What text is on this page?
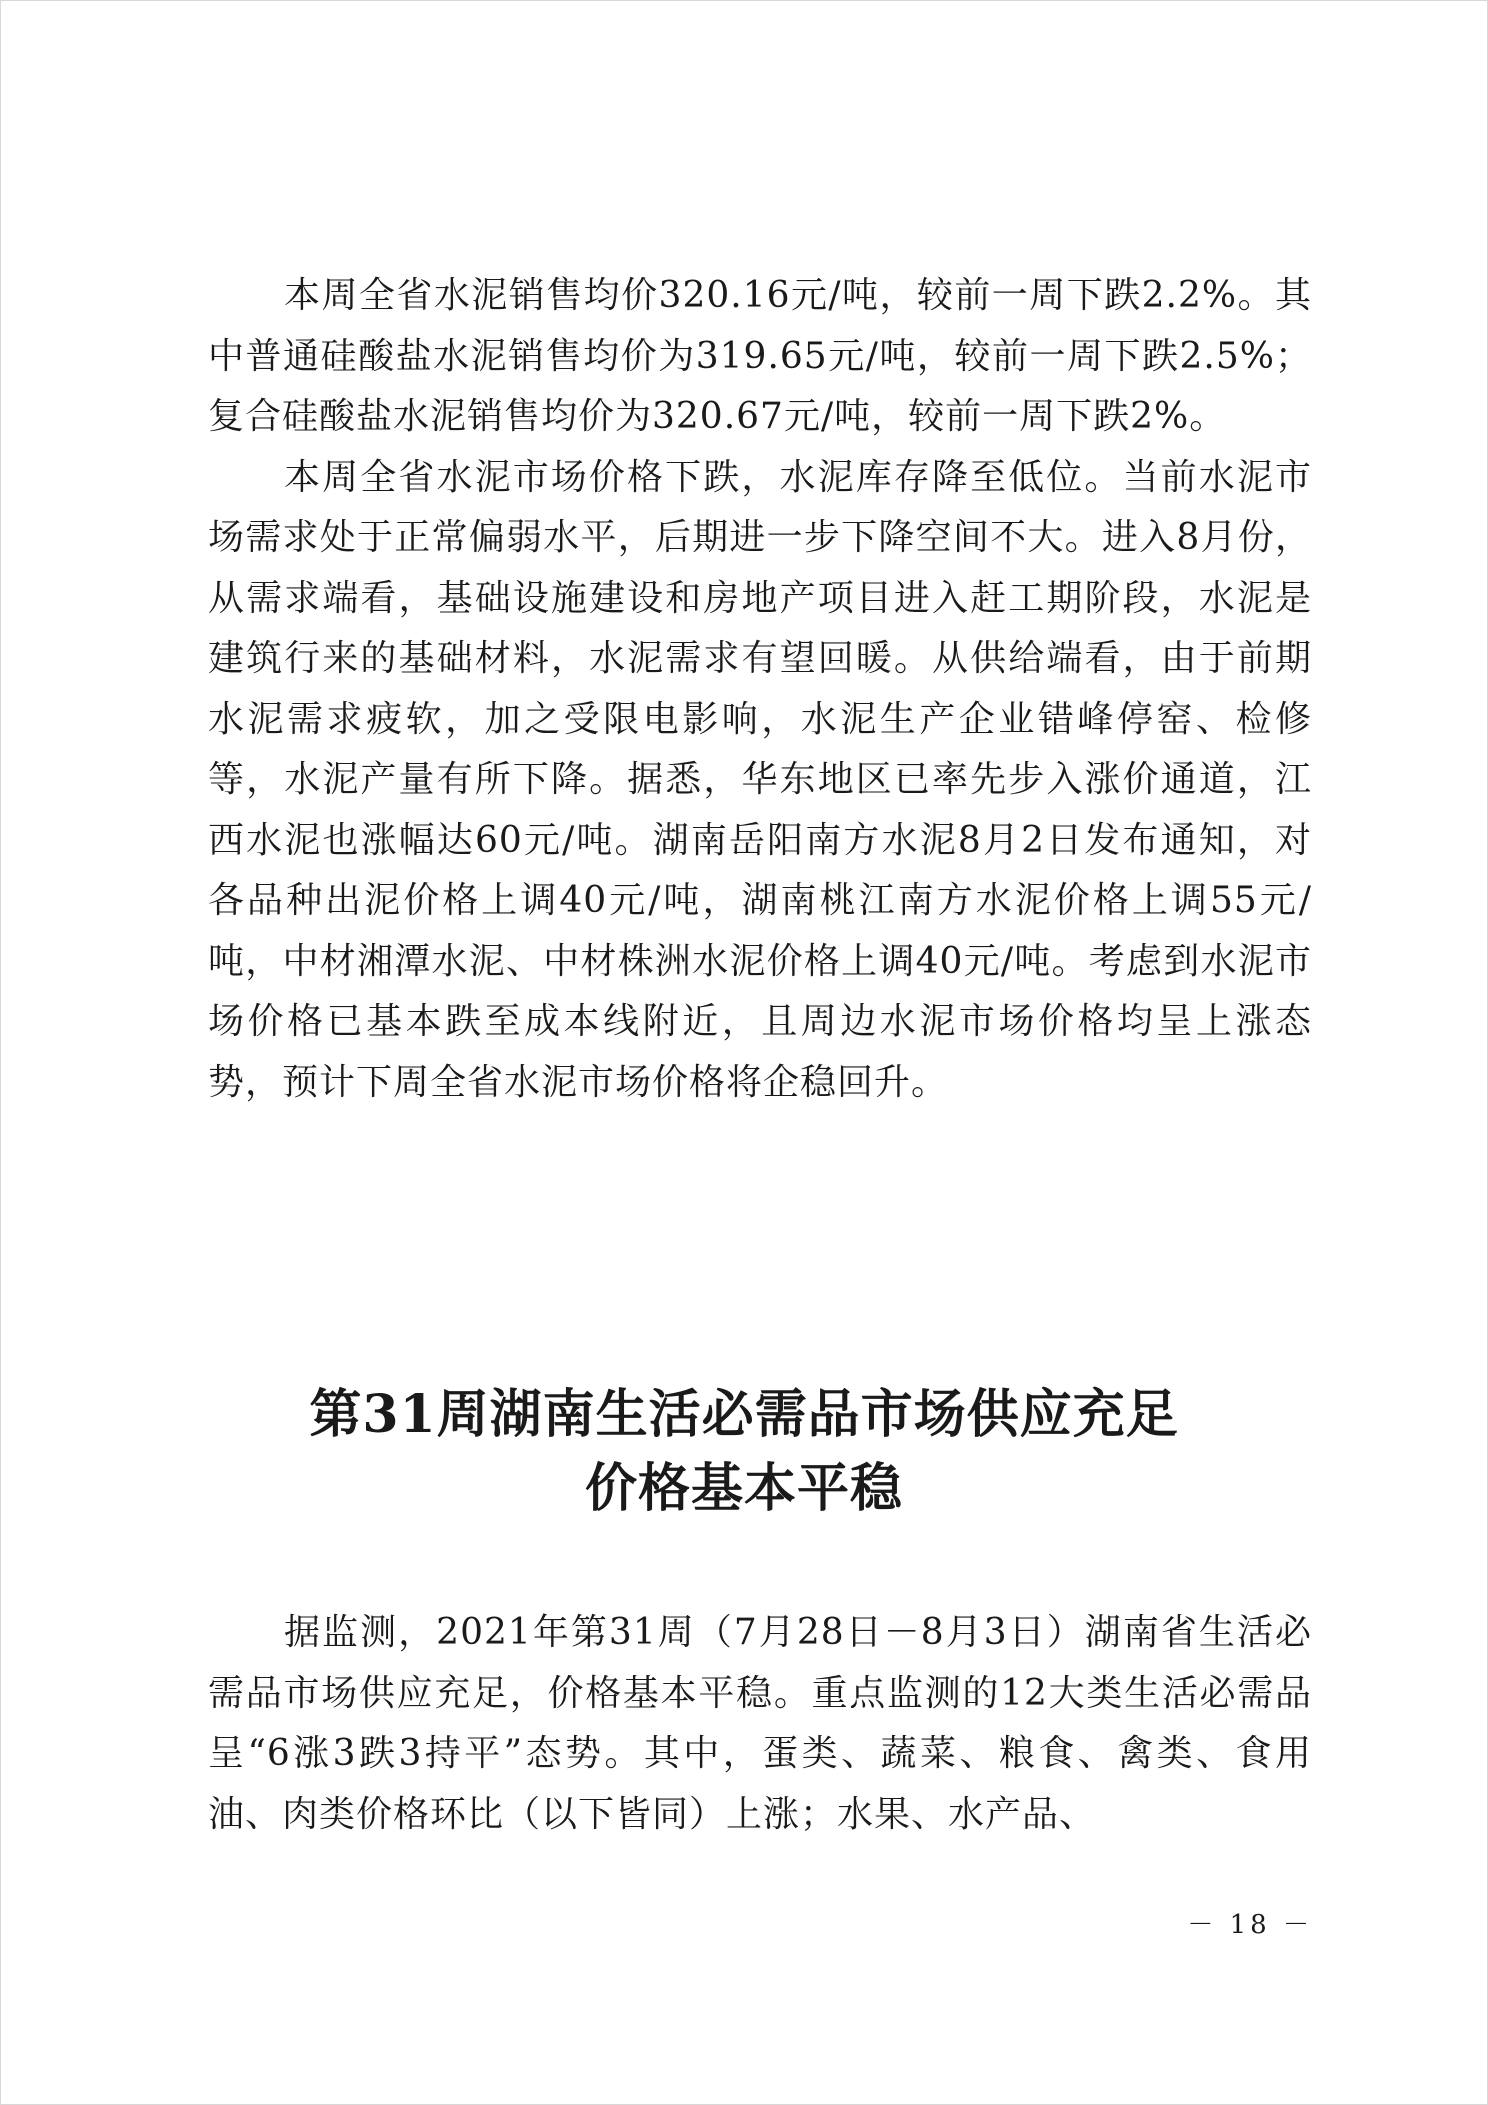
本周全省水泥销售均价320.16元/吨，较前一周下跌2.2%。其中普通硅酸盐水泥销售均价为319.65元/吨，较前一周下跌2.5%；复合硅酸盐水泥销售均价为320.67元/吨，较前一周下跌2%。

本周全省水泥市场价格下跌，水泥库存降至低位。当前水泥市场需求处于正常偏弱水平，后期进一步下降空间不大。进入8月份，从需求端看，基础设施建设和房地产项目进入赶工期阶段，水泥是建筑行来的基础材料，水泥需求有望回暖。从供给端看，由于前期水泥需求疲软，加之受限电影响，水泥生产企业错峰停窑、检修等，水泥产量有所下降。据悉，华东地区已率先步入涨价通道，江西水泥也涨幅达60元/吨。湖南岳阳南方水泥8月2日发布通知，对各品种出泥价格上调40元/吨，湖南桃江南方水泥价格上调55元/吨，中材湘潭水泥、中材株洲水泥价格上调40元/吨。考虑到水泥市场价格已基本跌至成本线附近，且周边水泥市场价格均呈上涨态势，预计下周全省水泥市场价格将企稳回升。

第31周湖南生活必需品市场供应充足
价格基本平稳

据监测，2021年第31周（7月28日－8月3日）湖南省生活必需品市场供应充足，价格基本平稳。重点监测的12大类生活必需品呈“6涨3跌3持平”态势。其中，蛋类、蔬菜、粮食、禽类、食用油、肉类价格环比（以下皆同）上涨；水果、水产品、

－ 18 －
